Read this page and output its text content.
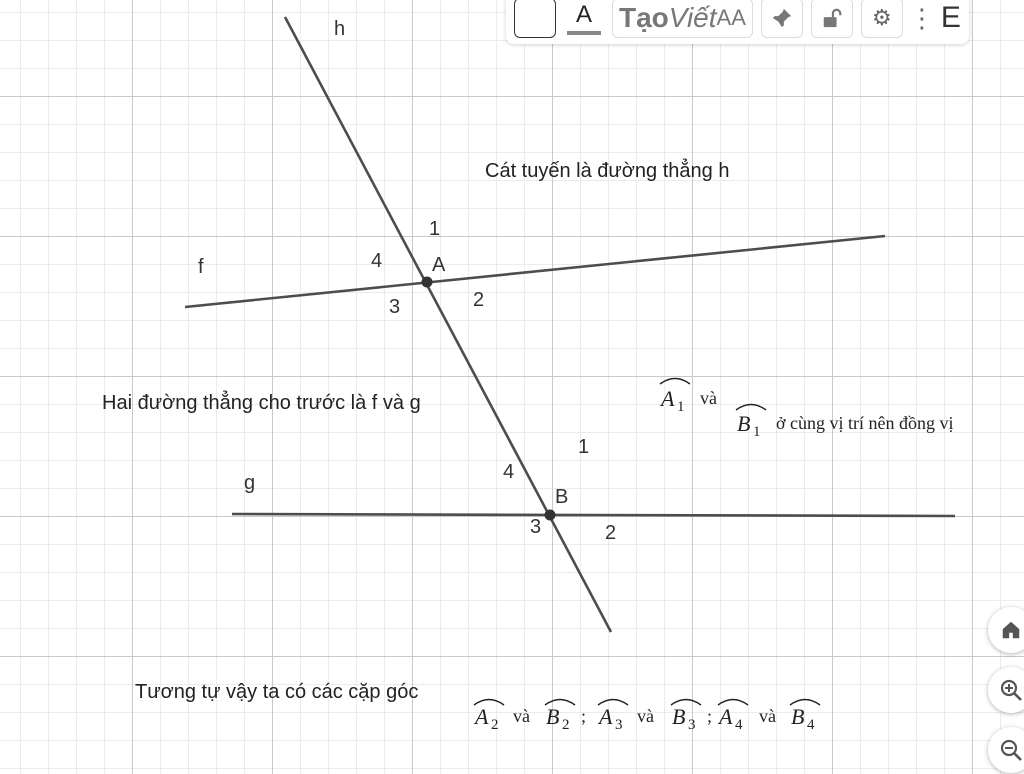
h
f
g
A
B
1
2
3
4
1
2
3
4
Cát tuyến là đường thẳng h
Hai đường thẳng cho trước là f và g
Tương tự vậy ta có các cặp góc
A 1 và
B 1 ở cùng vị trí nên đồng vị
A 2 và B 2 ; A 3 và B 3 ; A 4 và B 4
A Tạo Viết AA	⚙ ⋮ E
